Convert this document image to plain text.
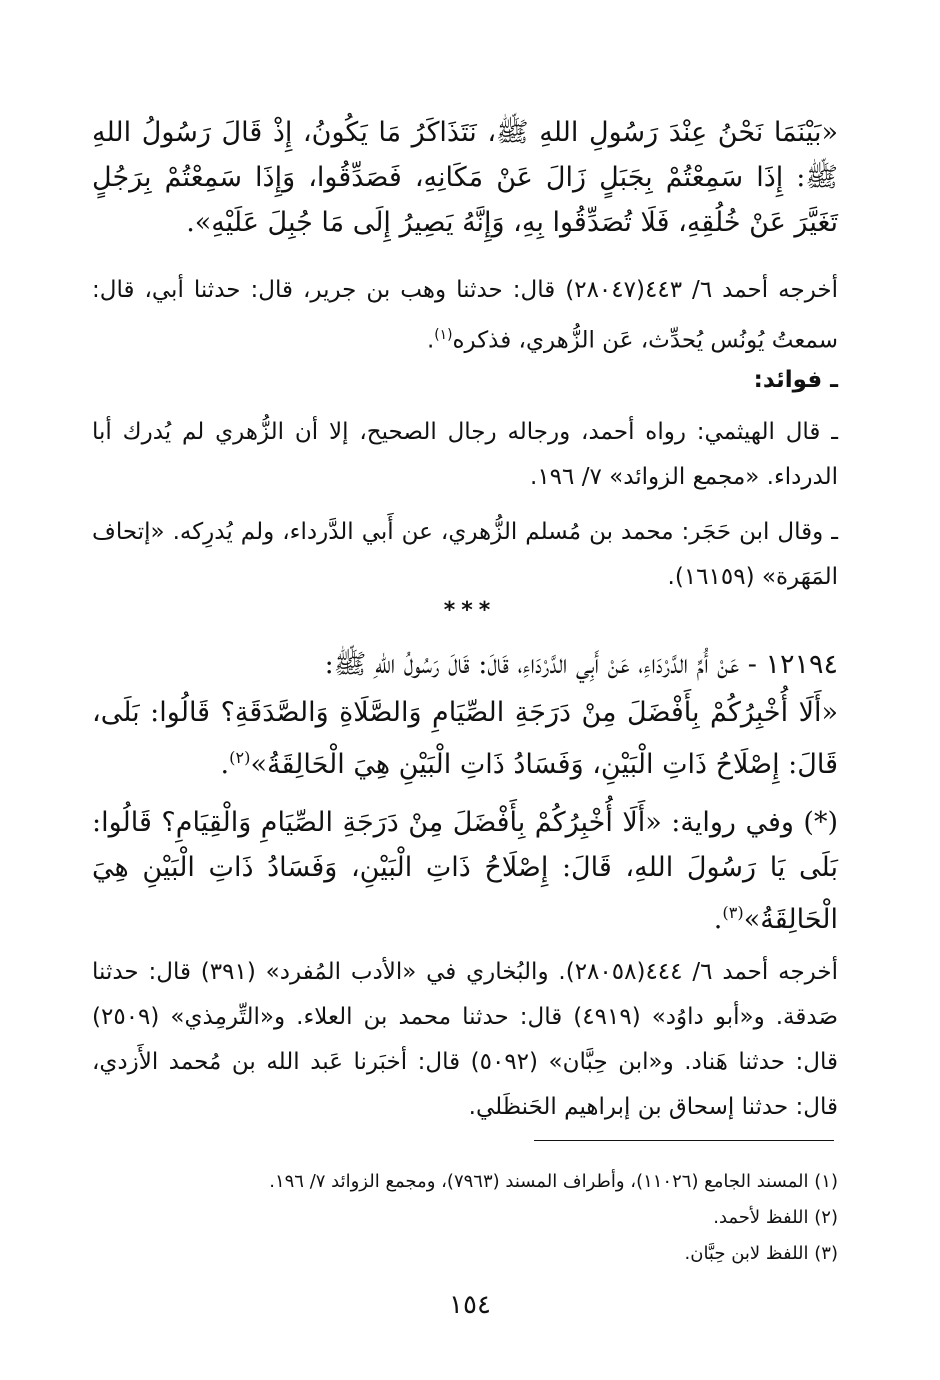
«بَيْنَمَا نَحْنُ عِنْدَ رَسُولِ اللهِ ﷺ، نَتَذَاكَرُ مَا يَكُونُ، إِذْ قَالَ رَسُولُ اللهِ ﷺ: إِذَا سَمِعْتُمْ بِجَبَلٍ زَالَ عَنْ مَكَانِهِ، فَصَدِّقُوا، وَإِذَا سَمِعْتُمْ بِرَجُلٍ تَغَيَّرَ عَنْ خُلُقِهِ، فَلَا تُصَدِّقُوا بِهِ، وَإِنَّهُ يَصِيرُ إِلَى مَا جُبِلَ عَلَيْهِ».
أخرجه أحمد ٦/ ٤٤٣(٢٨٠٤٧) قال: حدثنا وهب بن جرير، قال: حدثنا أبي، قال: سمعتُ يُونُس يُحدِّث، عَن الزُّهري، فذكره$^{(١)}$.
ـ فوائد:
ـ قال الهيثمي: رواه أحمد، ورجاله رجال الصحيح، إلا أن الزُّهري لم يُدرك أبا الدرداء. «مجمع الزوائد» ٧/ ١٩٦.
ـ وقال ابن حَجَر: محمد بن مُسلم الزُّهري، عن أَبي الدَّرداء، ولم يُدرِكه. «إتحاف المَهَرة» (١٦١٥٩).
***
١٢١٩٤ - عَنْ أُمِّ الدَّرْدَاءِ، عَنْ أَبِي الدَّرْدَاءِ، قَالَ: قَالَ رَسُولُ اللهِ ﷺ:
«أَلَا أُخْبِرُكُمْ بِأَفْضَلَ مِنْ دَرَجَةِ الصِّيَامِ وَالصَّلَاةِ وَالصَّدَقَةِ؟ قَالُوا: بَلَى، قَالَ: إِصْلَاحُ ذَاتِ الْبَيْنِ، وَفَسَادُ ذَاتِ الْبَيْنِ هِيَ الْحَالِقَةُ»$^{(٢)}$.
(*) وفي رواية: «أَلَا أُخْبِرُكُمْ بِأَفْضَلَ مِنْ دَرَجَةِ الصِّيَامِ وَالْقِيَامِ؟ قَالُوا: بَلَى يَا رَسُولَ اللهِ، قَالَ: إِصْلَاحُ ذَاتِ الْبَيْنِ، وَفَسَادُ ذَاتِ الْبَيْنِ هِيَ الْحَالِقَةُ»$^{(٣)}$.
أخرجه أحمد ٦/ ٤٤٤(٢٨٠٥٨). والبُخاري في «الأدب المُفرد» (٣٩١) قال: حدثنا صَدقة. و«أبو داوُد» (٤٩١٩) قال: حدثنا محمد بن العلاء. و«التِّرمِذي» (٢٥٠٩) قال: حدثنا هَناد. و«ابن حِبَّان» (٥٠٩٢) قال: أخبَرنا عَبد الله بن مُحمد الأَزدي، قال: حدثنا إسحاق بن إبراهيم الحَنظَلي.
(١) المسند الجامع (١١٠٢٦)، وأطراف المسند (٧٩٦٣)، ومجمع الزوائد ٧/ ١٩٦.
(٢) اللفظ لأحمد.
(٣) اللفظ لابن حِبَّان.
١٥٤
